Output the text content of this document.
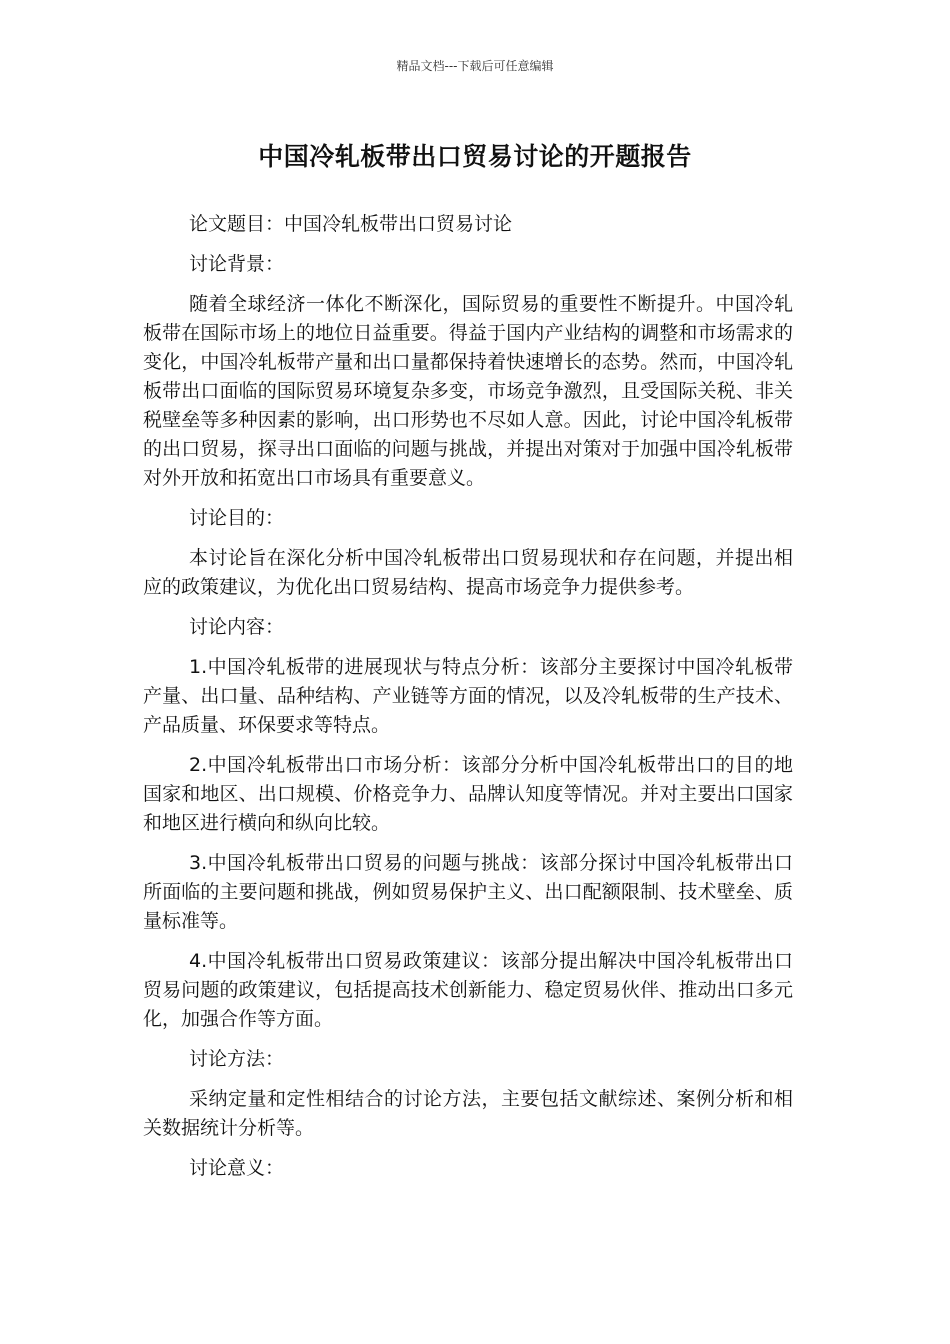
精品文档---下载后可任意编辑
中国冷轧板带出口贸易讨论的开题报告

论文题目：中国冷轧板带出口贸易讨论

讨论背景：

随着全球经济一体化不断深化，国际贸易的重要性不断提升。中国冷轧板带在国际市场上的地位日益重要。得益于国内产业结构的调整和市场需求的变化，中国冷轧板带产量和出口量都保持着快速增长的态势。然而，中国冷轧板带出口面临的国际贸易环境复杂多变，市场竞争激烈，且受国际关税、非关税壁垒等多种因素的影响，出口形势也不尽如人意。因此，讨论中国冷轧板带的出口贸易，探寻出口面临的问题与挑战，并提出对策对于加强中国冷轧板带对外开放和拓宽出口市场具有重要意义。

讨论目的：

本讨论旨在深化分析中国冷轧板带出口贸易现状和存在问题，并提出相应的政策建议，为优化出口贸易结构、提高市场竞争力提供参考。

讨论内容：

1.中国冷轧板带的进展现状与特点分析：该部分主要探讨中国冷轧板带产量、出口量、品种结构、产业链等方面的情况，以及冷轧板带的生产技术、产品质量、环保要求等特点。

2.中国冷轧板带出口市场分析：该部分分析中国冷轧板带出口的目的地国家和地区、出口规模、价格竞争力、品牌认知度等情况。并对主要出口国家和地区进行横向和纵向比较。

3.中国冷轧板带出口贸易的问题与挑战：该部分探讨中国冷轧板带出口所面临的主要问题和挑战，例如贸易保护主义、出口配额限制、技术壁垒、质量标准等。

4.中国冷轧板带出口贸易政策建议：该部分提出解决中国冷轧板带出口贸易问题的政策建议，包括提高技术创新能力、稳定贸易伙伴、推动出口多元化，加强合作等方面。

讨论方法：

采纳定量和定性相结合的讨论方法，主要包括文献综述、案例分析和相关数据统计分析等。

讨论意义：
